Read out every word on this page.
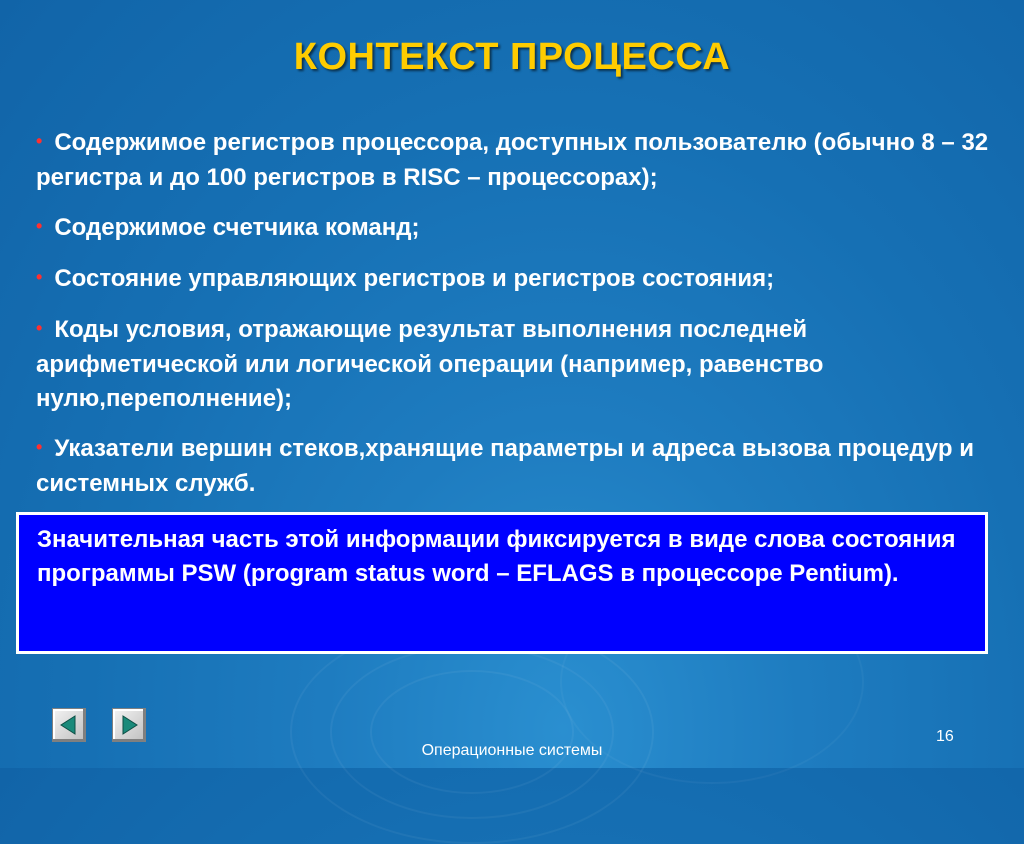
КОНТЕКСТ ПРОЦЕССА
• Содержимое регистров процессора, доступных пользователю (обычно 8 – 32 регистра и до 100 регистров в RISC – процессорах);
• Содержимое счетчика команд;
• Состояние управляющих регистров и регистров состояния;
• Коды условия, отражающие результат выполнения последней арифметической или логической операции (например, равенство нулю,переполнение);
• Указатели вершин стеков,хранящие параметры и адреса вызова процедур и системных служб.
Значительная часть этой информации фиксируется в виде слова состояния программы PSW (program status word – EFLAGS в процессоре Pentium).
16
Операционные системы
